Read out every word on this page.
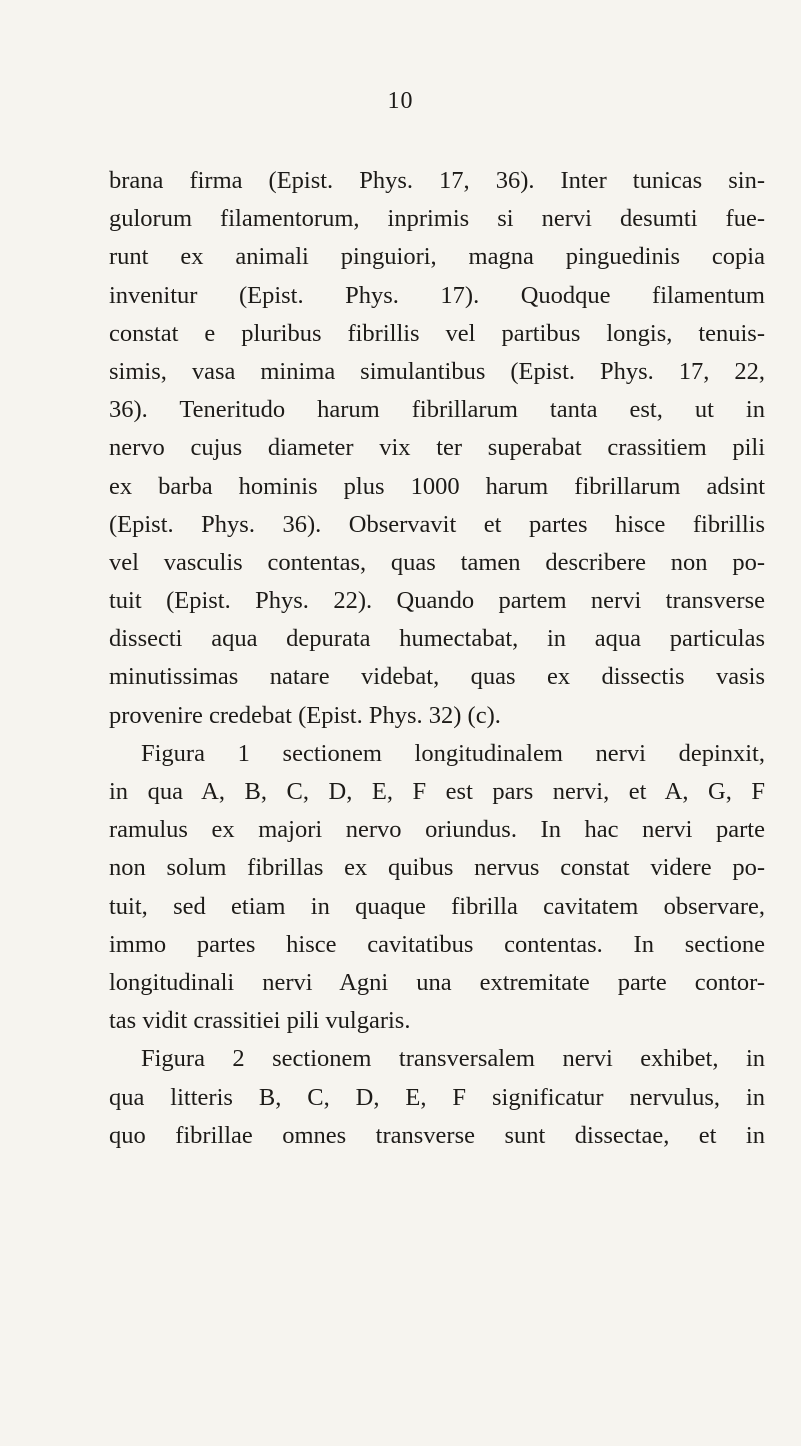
10
brana firma (Epist. Phys. 17, 36). Inter tunicas sin-
gulorum filamentorum, inprimis si nervi desumti fue-
runt ex animali pinguiori, magna pinguedinis copia
invenitur (Epist. Phys. 17). Quodque filamentum
constat e pluribus fibrillis vel partibus longis, tenuis-
simis, vasa minima simulantibus (Epist. Phys. 17, 22,
36). Teneritudo harum fibrillarum tanta est, ut in
nervo cujus diameter vix ter superabat crassitiem pili
ex barba hominis plus 1000 harum fibrillarum adsint
(Epist. Phys. 36). Observavit et partes hisce fibrillis
vel vasculis contentas, quas tamen describere non po-
tuit (Epist. Phys. 22). Quando partem nervi transverse
dissecti aqua depurata humectabat, in aqua particulas
minutissimas natare videbat, quas ex dissectis vasis
provenire credebat (Epist. Phys. 32) (c).
Figura 1 sectionem longitudinalem nervi depinxit,
in qua A, B, C, D, E, F est pars nervi, et A, G, F
ramulus ex majori nervo oriundus. In hac nervi parte
non solum fibrillas ex quibus nervus constat videre po-
tuit, sed etiam in quaque fibrilla cavitatem observare,
immo partes hisce cavitatibus contentas. In sectione
longitudinali nervi Agni una extremitate parte contor-
tas vidit crassitiei pili vulgaris.
Figura 2 sectionem transversalem nervi exhibet, in
qua litteris B, C, D, E, F significatur nervulus, in
quo fibrillae omnes transverse sunt dissectae, et in
